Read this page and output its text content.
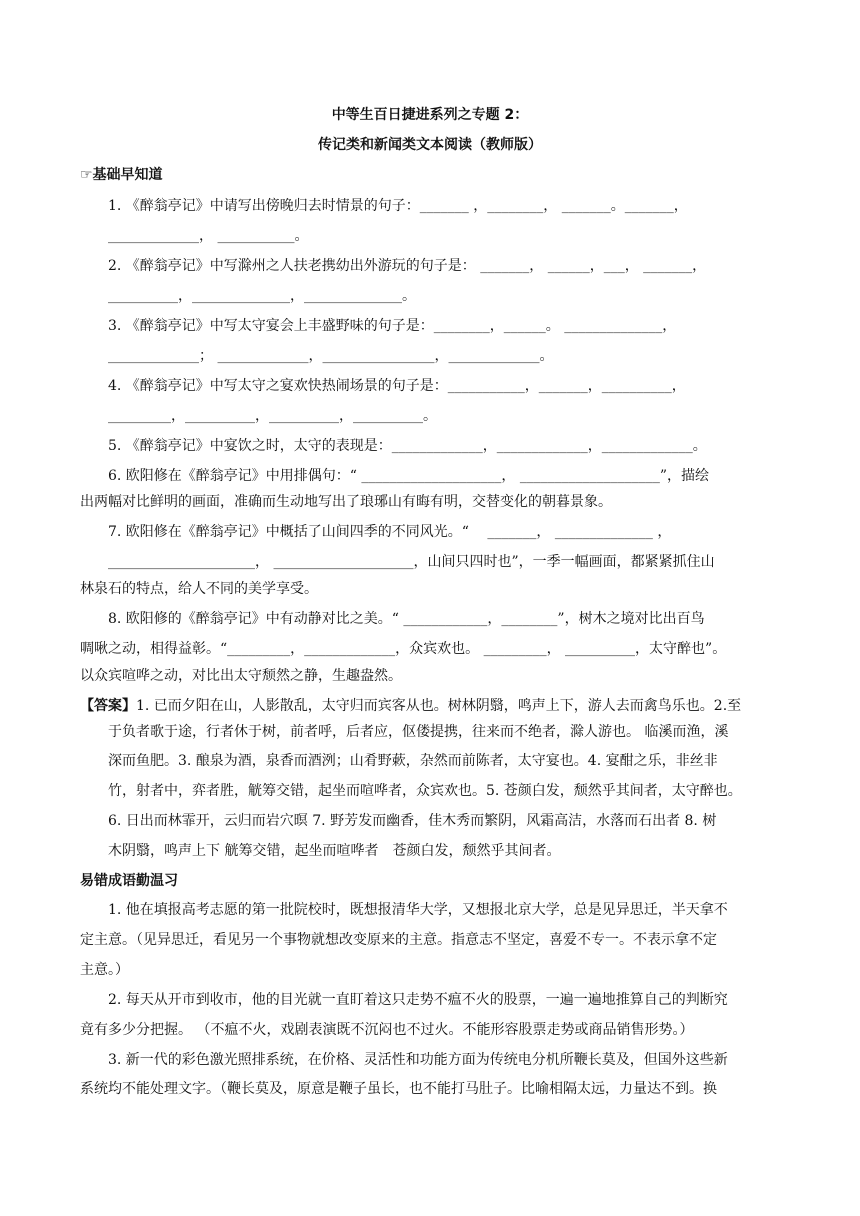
中等生百日捷进系列之专题 2：
传记类和新闻类文本阅读（教师版）
☞基础早知道
　　1. 《醉翁亭记》中请写出傍晚归去时情景的句子：_______ ，________， _______。_______，
　　_____________， ___________。
　　2. 《醉翁亭记》中写滁州之人扶老携幼出外游玩的句子是： _______， ______，___， _______，
　　__________，______________，______________。
　　3. 《醉翁亭记》中写太守宴会上丰盛野味的句子是：________，______。 ______________，
　　_____________； _____________，________________，_____________。
　　4. 《醉翁亭记》中写太守之宴欢快热闹场景的句子是：___________，_______，__________，
　　_________，__________，__________，__________。
　　5. 《醉翁亭记》中宴饮之时，太守的表现是：_____________，_____________，_____________。
　　6. 欧阳修在《醉翁亭记》中用排偶句：“ ____________________， ____________________”，描绘
出两幅对比鲜明的画面，准确而生动地写出了琅琊山有晦有明，交替变化的朝暮景象。
　　7. 欧阳修在《醉翁亭记》中概括了山间四季的不同风光。“　 _______， ______________ ，
　　_____________________， ____________________，山间只四时也”，一季一幅画面，都紧紧抓住山
林泉石的特点，给人不同的美学享受。
　　8. 欧阳修的《醉翁亭记》中有动静对比之美。“ ____________，________”，树木之境对比出百鸟
啁啾之动，相得益彰。“_________，_____________，众宾欢也。 _________， __________，太守醉也”。
以众宾喧哗之动，对比出太守颓然之静，生趣盎然。
【答案】1. 已而夕阳在山，人影散乱，太守归而宾客从也。树林阴翳，鸣声上下，游人去而禽鸟乐也。2.至
于负者歌于途，行者休于树，前者呼，后者应，伛偻提携，往来而不绝者，滁人游也。 临溪而渔，溪
深而鱼肥。3. 酿泉为酒，泉香而酒洌；山肴野蔌，杂然而前陈者，太守宴也。4. 宴酣之乐，非丝非
竹，射者中，弈者胜，觥筹交错，起坐而喧哗者，众宾欢也。5. 苍颜白发，颓然乎其间者，太守醉也。
6. 日出而林霏开，云归而岩穴暝 7. 野芳发而幽香，佳木秀而繁阴，风霜高洁，水落而石出者 8. 树
木阴翳，鸣声上下 觥筹交错，起坐而喧哗者　苍颜白发，颓然乎其间者。
易错成语勤温习
　　1. 他在填报高考志愿的第一批院校时，既想报清华大学，又想报北京大学，总是见异思迁，半天拿不
定主意。（见异思迁，看见另一个事物就想改变原来的主意。指意志不坚定，喜爱不专一。不表示拿不定
主意。）
　　2. 每天从开市到收市，他的目光就一直盯着这只走势不瘟不火的股票，一遍一遍地推算自己的判断究
竟有多少分把握。 （不瘟不火，戏剧表演既不沉闷也不过火。不能形容股票走势或商品销售形势。）
　　3. 新一代的彩色激光照排系统，在价格、灵活性和功能方面为传统电分机所鞭长莫及，但国外这些新
系统均不能处理文字。（鞭长莫及，原意是鞭子虽长，也不能打马肚子。比喻相隔太远，力量达不到。换
